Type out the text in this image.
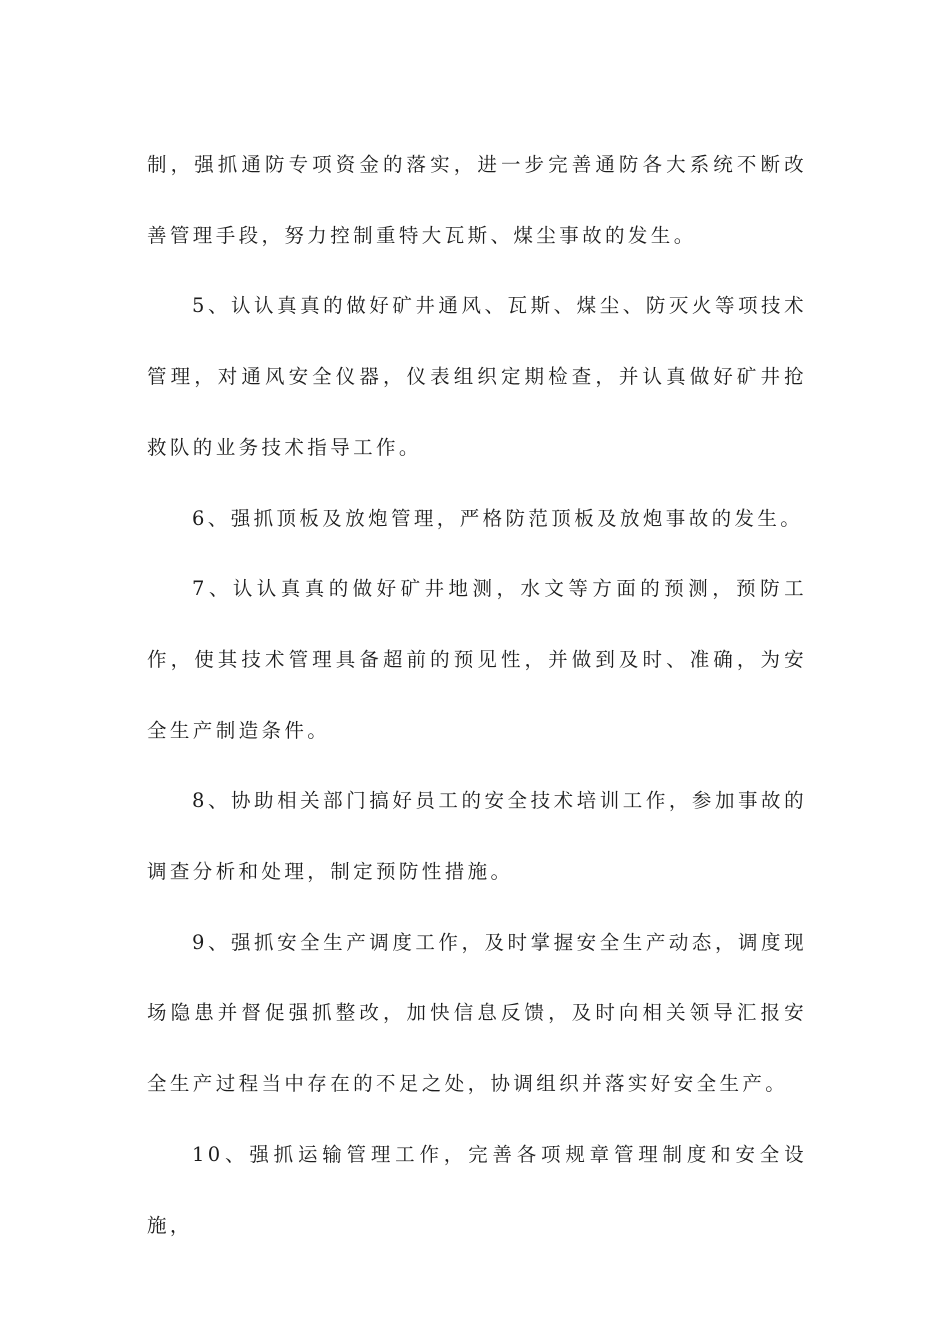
制，强抓通防专项资金的落实，进一步完善通防各大系统不断改善管理手段，努力控制重特大瓦斯、煤尘事故的发生。

5、认认真真的做好矿井通风、瓦斯、煤尘、防灭火等项技术管理，对通风安全仪器，仪表组织定期检查，并认真做好矿井抢救队的业务技术指导工作。

6、强抓顶板及放炮管理，严格防范顶板及放炮事故的发生。

7、认认真真的做好矿井地测，水文等方面的预测，预防工作，使其技术管理具备超前的预见性，并做到及时、准确，为安全生产制造条件。

8、协助相关部门搞好员工的安全技术培训工作，参加事故的调查分析和处理，制定预防性措施。

9、强抓安全生产调度工作，及时掌握安全生产动态，调度现场隐患并督促强抓整改，加快信息反馈，及时向相关领导汇报安全生产过程当中存在的不足之处，协调组织并落实好安全生产。

10、强抓运输管理工作，完善各项规章管理制度和安全设施，
